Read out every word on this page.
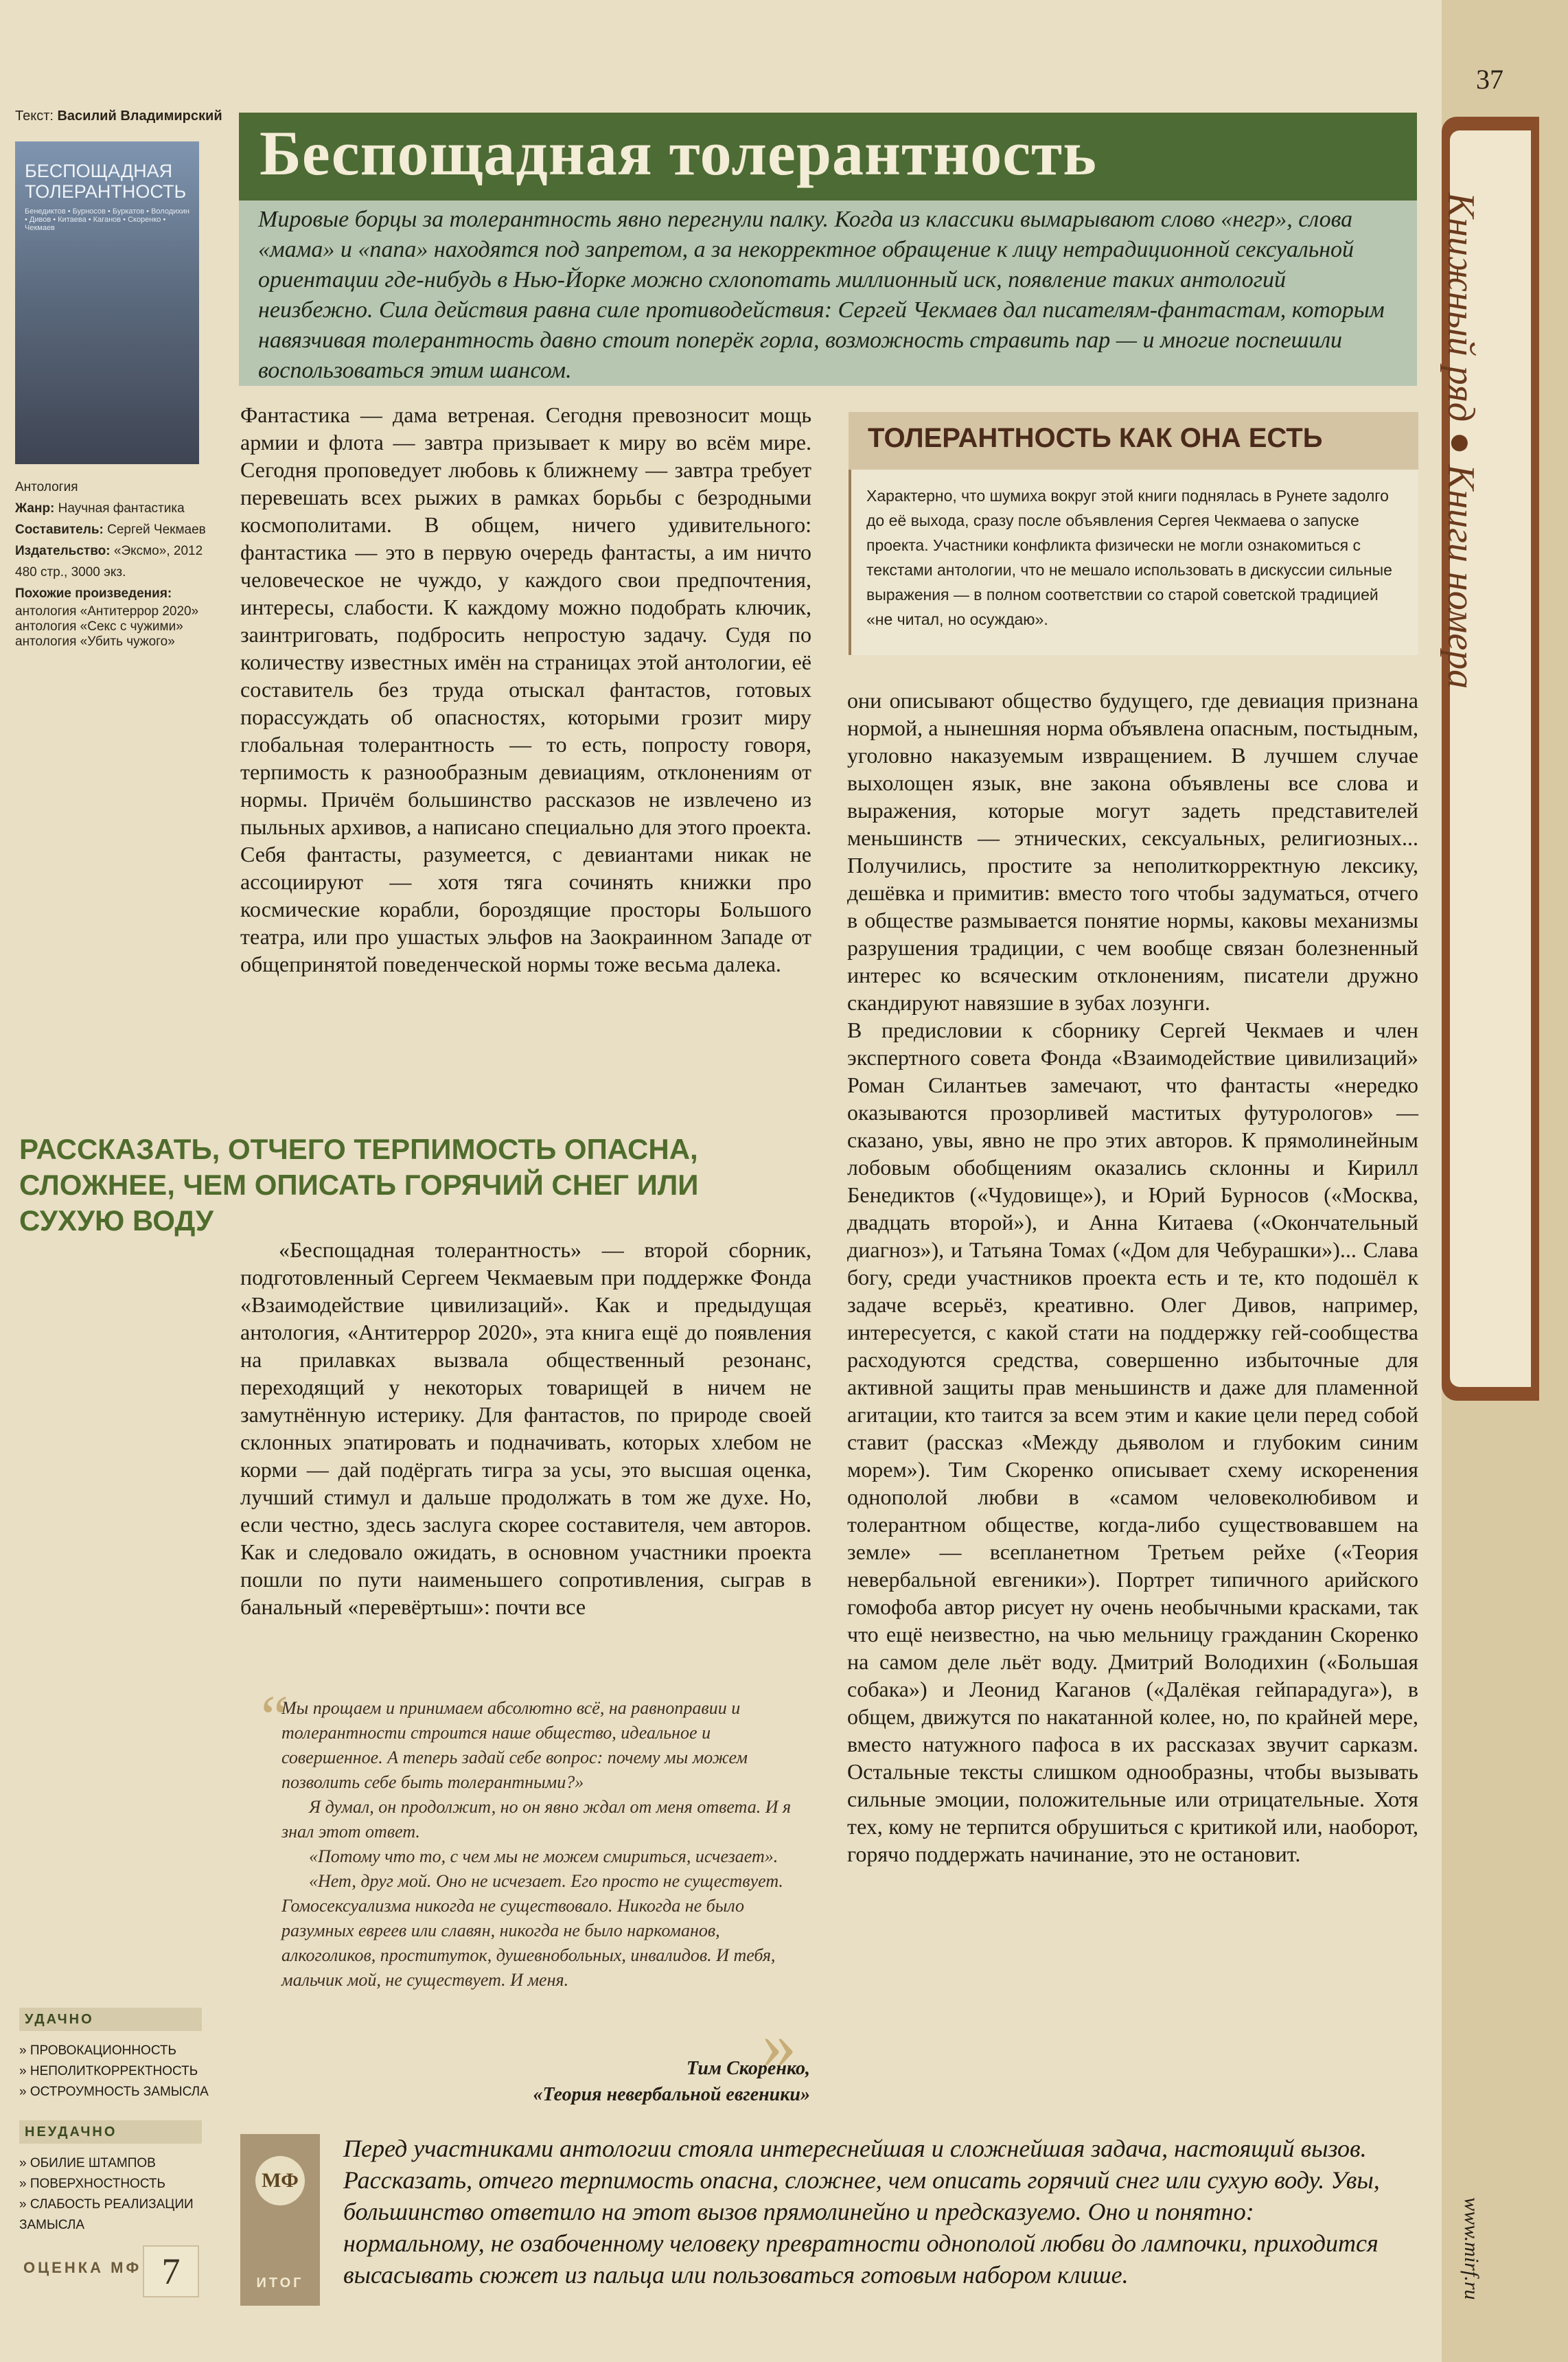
37
Книжный ряд ● Книги номера
www.mirf.ru
Беспощадная толерантность
Мировые борцы за толерантность явно перегнули палку. Когда из классики вымарывают слово «негр», слова «мама» и «папа» находятся под запретом, а за некорректное обращение к лицу нетрадиционной сексуальной ориентации где-нибудь в Нью-Йорке можно схлопотать миллионный иск, появление таких антологий неизбежно. Сила действия равна силе противодействия: Сергей Чекмаев дал писателям-фантастам, которым навязчивая толерантность давно стоит поперёк горла, возможность стравить пар — и многие поспешили воспользоваться этим шансом.
Текст: Василий Владимирский
БЕСПОЩАДНАЯ ТОЛЕРАНТНОСТЬ
Бенедиктов • Бурносов • Буркатов • Володихин • Дивов • Китаева • Каганов • Скоренко • Чекмаев
Антология
Жанр: Научная фантастика
Составитель: Сергей Чекмаев
Издательство: «Эксмо», 2012
480 стр., 3000 экз.
Похожие произведения:
антология «Антитеррор 2020»
антология «Секс с чужими»
антология «Убить чужого»
Фантастика — дама ветреная. Сегодня превозносит мощь армии и флота — завтра призывает к миру во всём мире. Сегодня проповедует любовь к ближнему — завтра требует перевешать всех рыжих в рамках борьбы с безродными космополитами. В общем, ничего удивительного: фантастика — это в первую очередь фантасты, а им ничто человеческое не чуждо, у каждого свои предпочтения, интересы, слабости. К каждому можно подобрать ключик, заинтриговать, подбросить непростую задачу. Судя по количеству известных имён на страницах этой антологии, её составитель без труда отыскал фантастов, готовых порассуждать об опасностях, которыми грозит миру глобальная толерантность — то есть, попросту говоря, терпимость к разнообразным девиациям, отклонениям от нормы. Причём большинство рассказов не извлечено из пыльных архивов, а написано специально для этого проекта. Себя фантасты, разумеется, с девиантами никак не ассоциируют — хотя тяга сочинять книжки про космические корабли, бороздящие просторы Большого театра, или про ушастых эльфов на Заокраинном Западе от общепринятой поведенческой нормы тоже весьма далека.
РАССКАЗАТЬ, ОТЧЕГО ТЕРПИМОСТЬ ОПАСНА, СЛОЖНЕЕ, ЧЕМ ОПИСАТЬ ГОРЯЧИЙ СНЕГ ИЛИ СУХУЮ ВОДУ
«Беспощадная толерантность» — второй сборник, подготовленный Сергеем Чекмаевым при поддержке Фонда «Взаимодействие цивилизаций». Как и предыдущая антология, «Антитеррор 2020», эта книга ещё до появления на прилавках вызвала общественный резонанс, переходящий у некоторых товарищей в ничем не замутнённую истерику. Для фантастов, по природе своей склонных эпатировать и подначивать, которых хлебом не корми — дай подёргать тигра за усы, это высшая оценка, лучший стимул и дальше продолжать в том же духе. Но, если честно, здесь заслуга скорее составителя, чем авторов. Как и следовало ожидать, в основном участники проекта пошли по пути наименьшего сопротивления, сыграв в банальный «перевёртыш»: почти все
ТОЛЕРАНТНОСТЬ КАК ОНА ЕСТЬ
Характерно, что шумиха вокруг этой книги поднялась в Рунете задолго до её выхода, сразу после объявления Сергея Чекмаева о запуске проекта. Участники конфликта физически не могли ознакомиться с текстами антологии, что не мешало использовать в дискуссии сильные выражения — в полном соответствии со старой советской традицией «не читал, но осуждаю».
они описывают общество будущего, где девиация признана нормой, а нынешняя норма объявлена опасным, постыдным, уголовно наказуемым извращением. В лучшем случае выхолощен язык, вне закона объявлены все слова и выражения, которые могут задеть представителей меньшинств — этнических, сексуальных, религиозных... Получились, простите за неполиткорректную лексику, дешёвка и примитив: вместо того чтобы задуматься, отчего в обществе размывается понятие нормы, каковы механизмы разрушения традиции, с чем вообще связан болезненный интерес ко всяческим отклонениям, писатели дружно скандируют навязшие в зубах лозунги.
В предисловии к сборнику Сергей Чекмаев и член экспертного совета Фонда «Взаимодействие цивилизаций» Роман Силантьев замечают, что фантасты «нередко оказываются прозорливей маститых футурологов» — сказано, увы, явно не про этих авторов. К прямолинейным лобовым обобщениям оказались склонны и Кирилл Бенедиктов («Чудовище»), и Юрий Бурносов («Москва, двадцать второй»), и Анна Китаева («Окончательный диагноз»), и Татьяна Томах («Дом для Чебурашки»)... Слава богу, среди участников проекта есть и те, кто подошёл к задаче всерьёз, креативно. Олег Дивов, например, интересуется, с какой стати на поддержку гей-сообщества расходуются средства, совершенно избыточные для активной защиты прав меньшинств и даже для пламенной агитации, кто таится за всем этим и какие цели перед собой ставит (рассказ «Между дьяволом и глубоким синим морем»). Тим Скоренко описывает схему искоренения однополой любви в «самом человеколюбивом и толерантном обществе, когда-либо существовавшем на земле» — всепланетном Третьем рейхе («Теория невербальной евгеники»). Портрет типичного арийского гомофоба автор рисует ну очень необычными красками, так что ещё неизвестно, на чью мельницу гражданин Скоренко на самом деле льёт воду. Дмитрий Володихин («Большая собака») и Леонид Каганов («Далёкая гейпарадуга»), в общем, движутся по накатанной колее, но, по крайней мере, вместо натужного пафоса в их рассказах звучит сарказм. Остальные тексты слишком однообразны, чтобы вызывать сильные эмоции, положительные или отрицательные. Хотя тех, кому не терпится обрушиться с критикой или, наоборот, горячо поддержать начинание, это не остановит.
“

Мы прощаем и принимаем абсолютно всё, на равноправии и толерантности строится наше общество, идеальное и совершенное. А теперь задай себе вопрос: почему мы можем позволить себе быть толерантными?»

Я думал, он продолжит, но он явно ждал от меня ответа. И я знал этот ответ.

«Потому что то, с чем мы не можем смириться, исчезает».

«Нет, друг мой. Оно не исчезает. Его просто не существует. Гомосексуализма никогда не существовало. Никогда не было разумных евреев или славян, никогда не было наркоманов, алкоголиков, проституток, душевнобольных, инвалидов. И тебя, мальчик мой, не существует. И меня.

Тим Скоренко,
«Теория невербальной евгеники»
»
УДАЧНО
» ПРОВОКАЦИОННОСТЬ
» НЕПОЛИТКОРРЕКТНОСТЬ
» ОСТРОУМНОСТЬ ЗАМЫСЛА
НЕУДАЧНО
» ОБИЛИЕ ШТАМПОВ
» ПОВЕРХНОСТНОСТЬ
» СЛАБОСТЬ РЕАЛИЗАЦИИ ЗАМЫСЛА
ОЦЕНКА МФ 7
МФ
ИТОГ
Перед участниками антологии стояла интереснейшая и сложнейшая задача, настоящий вызов. Рассказать, отчего терпимость опасна, сложнее, чем описать горячий снег или сухую воду. Увы, большинство ответило на этот вызов прямолинейно и предсказуемо. Оно и понятно: нормальному, не озабоченному человеку превратности однополой любви до лампочки, приходится высасывать сюжет из пальца или пользоваться готовым набором клише.
